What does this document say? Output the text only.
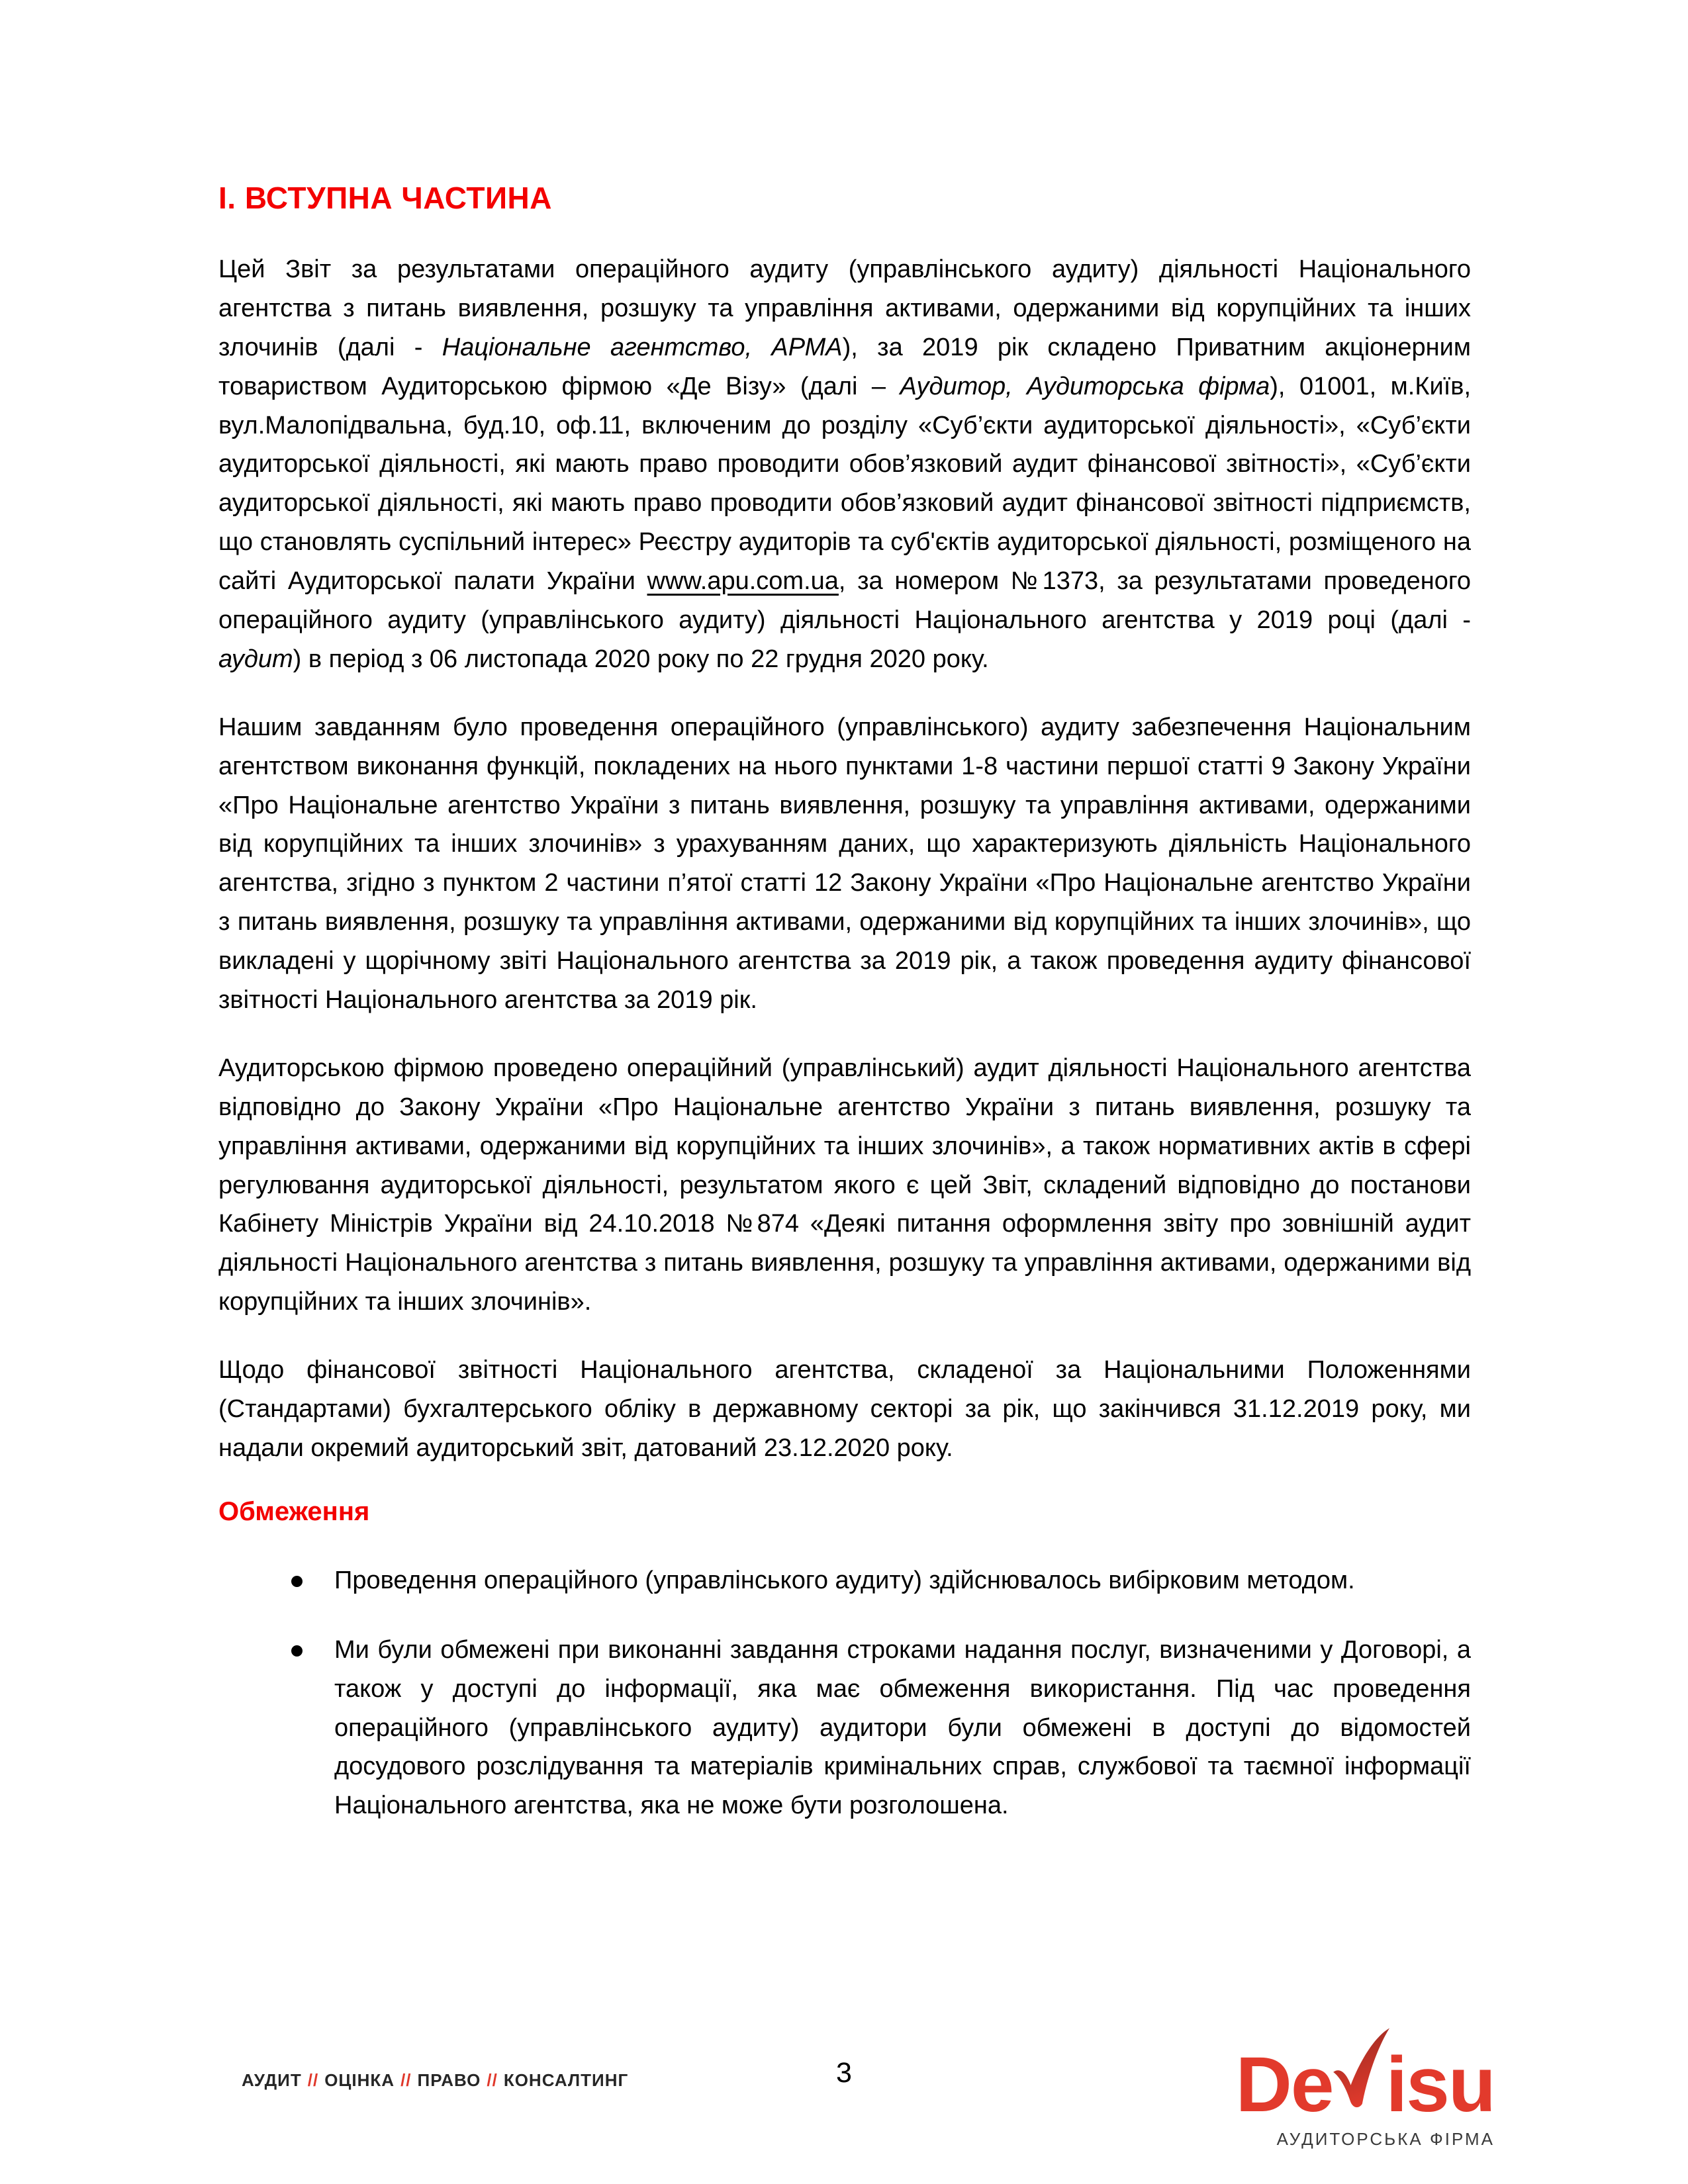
І. ВСТУПНА ЧАСТИНА

Цей Звіт за результатами операційного аудиту (управлінського аудиту) діяльності Національного агентства з питань виявлення, розшуку та управління активами, одержаними від корупційних та інших злочинів (далі - Національне агентство, АРМА), за 2019 рік складено Приватним акціонерним товариством Аудиторською фірмою «Де Візу» (далі – Аудитор, Аудиторська фірма), 01001, м.Київ, вул.Малопідвальна, буд.10, оф.11, включеним до розділу «Суб’єкти аудиторської діяльності», «Суб’єкти аудиторської діяльності, які мають право проводити обов’язковий аудит фінансової звітності», «Суб’єкти аудиторської діяльності, які мають право проводити обов’язковий аудит фінансової звітності підприємств, що становлять суспільний інтерес» Реєстру аудиторів та суб'єктів аудиторської діяльності, розміщеного на сайті Аудиторської палати України www.apu.com.ua, за номером №1373, за результатами проведеного операційного аудиту (управлінського аудиту) діяльності Національного агентства у 2019 році (далі - аудит) в період з 06 листопада 2020 року по 22 грудня 2020 року.

Нашим завданням було проведення операційного (управлінського) аудиту забезпечення Національним агентством виконання функцій, покладених на нього пунктами 1-8 частини першої статті 9 Закону України «Про Національне агентство України з питань виявлення, розшуку та управління активами, одержаними від корупційних та інших злочинів» з урахуванням даних, що характеризують діяльність Національного агентства, згідно з пунктом 2 частини п’ятої статті 12 Закону України «Про Національне агентство України з питань виявлення, розшуку та управління активами, одержаними від корупційних та інших злочинів», що викладені у щорічному звіті Національного агентства за 2019 рік, а також проведення аудиту фінансової звітності Національного агентства за 2019 рік.

Аудиторською фірмою проведено операційний (управлінський) аудит діяльності Національного агентства відповідно до Закону України «Про Національне агентство України з питань виявлення, розшуку та управління активами, одержаними від корупційних та інших злочинів», а також нормативних актів в сфері регулювання аудиторської діяльності, результатом якого є цей Звіт, складений відповідно до постанови Кабінету Міністрів України від 24.10.2018 №874 «Деякі питання оформлення звіту про зовнішній аудит діяльності Національного агентства з питань виявлення, розшуку та управління активами, одержаними від корупційних та інших злочинів».

Щодо фінансової звітності Національного агентства, складеної за Національними Положеннями (Стандартами) бухгалтерського обліку в державному секторі за рік, що закінчився 31.12.2019 року, ми надали окремий аудиторський звіт, датований 23.12.2020 року.

Обмеження
Проведення операційного (управлінського аудиту) здійснювалось вибірковим методом.
Ми були обмежені при виконанні завдання строками надання послуг, визначеними у Договорі, а також у доступі до інформації, яка має обмеження використання. Під час проведення операційного (управлінського аудиту) аудитори були обмежені в доступі до відомостей досудового розслідування та матеріалів кримінальних справ, службової та таємної інформації Національного агентства, яка не може бути розголошена.
АУДИТ // ОЦІНКА // ПРАВО // КОНСАЛТИНГ	3	De isu
АУДИТОРСЬКА ФІРМА
